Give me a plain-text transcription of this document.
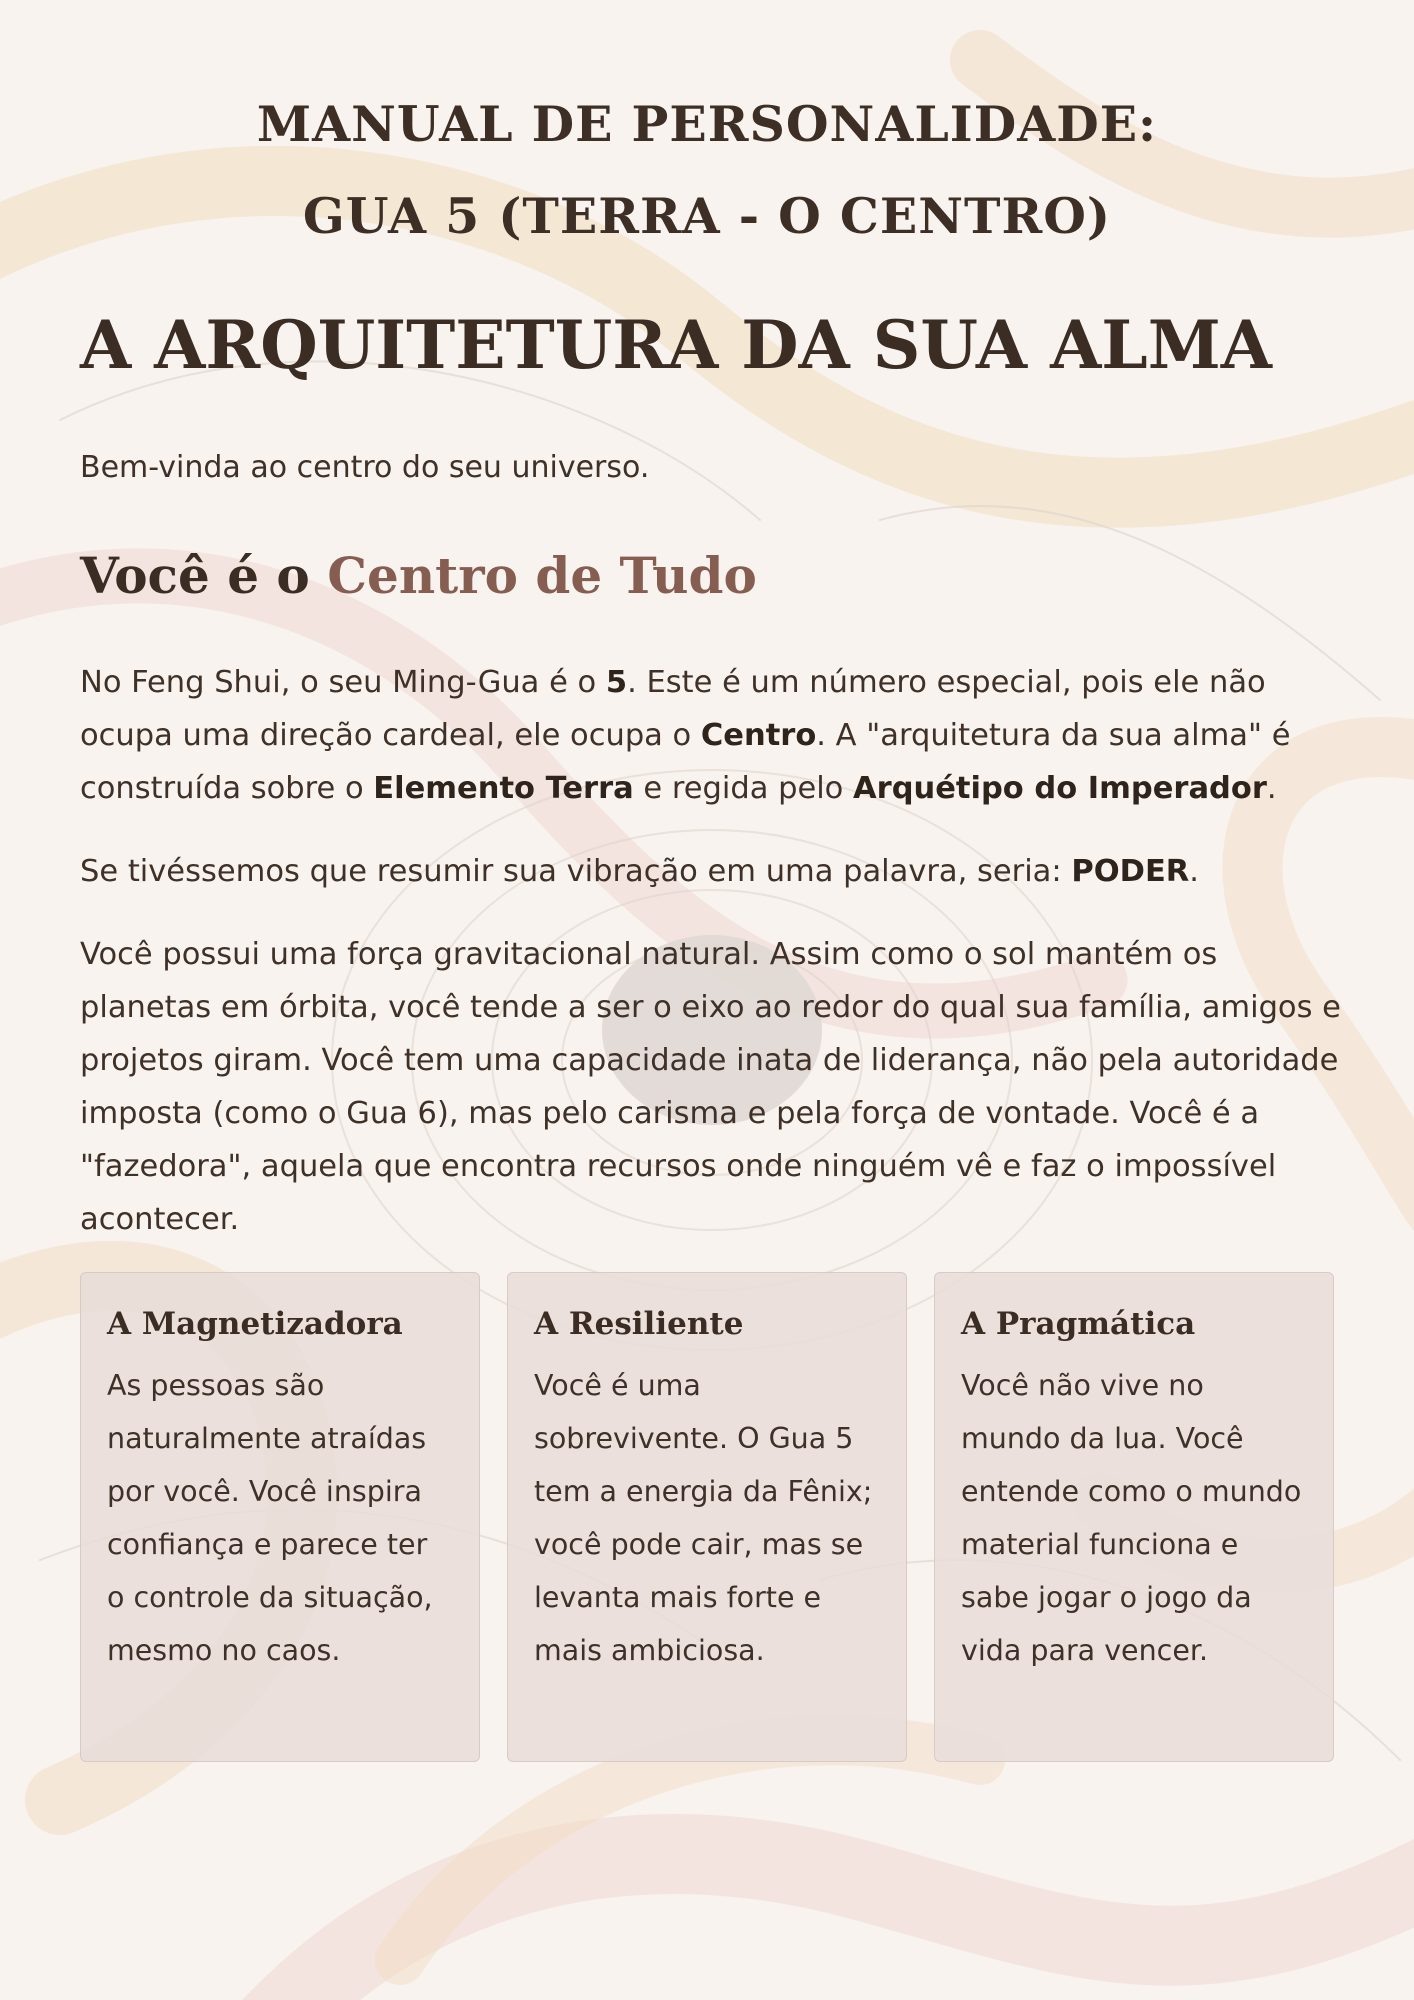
MANUAL DE PERSONALIDADE:
GUA 5 (TERRA - O CENTRO)
A ARQUITETURA DA SUA ALMA
Bem-vinda ao centro do seu universo.
Você é o Centro de Tudo

No Feng Shui, o seu Ming-Gua é o 5. Este é um número especial, pois ele não ocupa uma direção cardeal, ele ocupa o Centro. A "arquitetura da sua alma" é construída sobre o Elemento Terra e regida pelo Arquétipo do Imperador.

Se tivéssemos que resumir sua vibração em uma palavra, seria: PODER.

Você possui uma força gravitacional natural. Assim como o sol mantém os planetas em órbita, você tende a ser o eixo ao redor do qual sua família, amigos e projetos giram. Você tem uma capacidade inata de liderança, não pela autoridade imposta (como o Gua 6), mas pelo carisma e pela força de vontade. Você é a "fazedora", aquela que encontra recursos onde ninguém vê e faz o impossível acontecer.

A Magnetizadora

As pessoas são naturalmente atraídas por você. Você inspira confiança e parece ter o controle da situação, mesmo no caos.

A Resiliente

Você é uma sobrevivente. O Gua 5 tem a energia da Fênix; você pode cair, mas se levanta mais forte e mais ambiciosa.

A Pragmática

Você não vive no mundo da lua. Você entende como o mundo material funciona e sabe jogar o jogo da vida para vencer.
